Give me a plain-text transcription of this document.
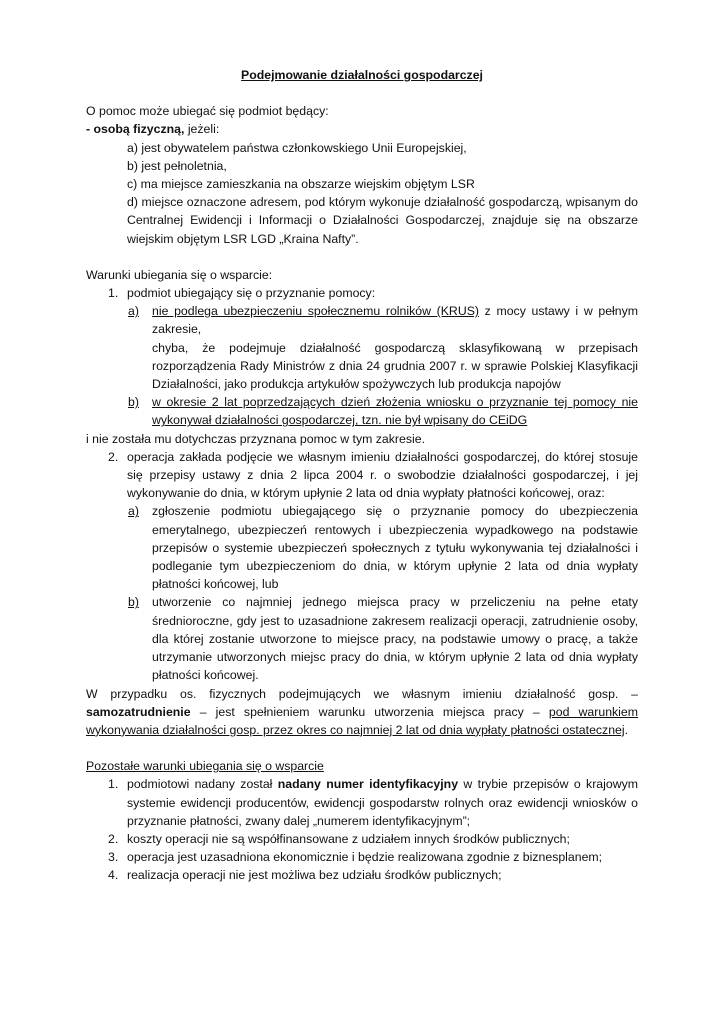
Podejmowanie działalności gospodarczej

O pomoc może ubiegać się podmiot będący:

- osobą fizyczną, jeżeli:

a) jest obywatelem państwa członkowskiego Unii Europejskiej,

b) jest pełnoletnia,

c) ma miejsce zamieszkania na obszarze wiejskim objętym LSR

d) miejsce oznaczone adresem, pod którym wykonuje działalność gospodarczą, wpisanym do Centralnej Ewidencji i Informacji o Działalności Gospodarczej, znajduje się na obszarze wiejskim objętym LSR LGD „Kraina Nafty”.

Warunki ubiegania się o wsparcie:

1. podmiot ubiegający się o przyznanie pomocy:
a) nie podlega ubezpieczeniu społecznemu rolników (KRUS) z mocy ustawy i w pełnym zakresie,
chyba, że podejmuje działalność gospodarczą sklasyfikowaną w przepisach rozporządzenia Rady Ministrów z dnia 24 grudnia 2007 r. w sprawie Polskiej Klasyfikacji Działalności, jako produkcja artykułów spożywczych lub produkcja napojów
b) w okresie 2 lat poprzedzających dzień złożenia wniosku o przyznanie tej pomocy nie wykonywał działalności gospodarczej, tzn. nie był wpisany do CEiDG

i nie została mu dotychczas przyznana pomoc w tym zakresie.

2. operacja zakłada podjęcie we własnym imieniu działalności gospodarczej, do której stosuje się przepisy ustawy z dnia 2 lipca 2004 r. o swobodzie działalności gospodarczej, i jej wykonywanie do dnia, w którym upłynie 2 lata od dnia wypłaty płatności końcowej, oraz:
a) zgłoszenie podmiotu ubiegającego się o przyznanie pomocy do ubezpieczenia emerytalnego, ubezpieczeń rentowych i ubezpieczenia wypadkowego na podstawie przepisów o systemie ubezpieczeń społecznych z tytułu wykonywania tej działalności i podleganie tym ubezpieczeniom do dnia, w którym upłynie 2 lata od dnia wypłaty płatności końcowej, lub
b) utworzenie co najmniej jednego miejsca pracy w przeliczeniu na pełne etaty średnioroczne, gdy jest to uzasadnione zakresem realizacji operacji, zatrudnienie osoby, dla której zostanie utworzone to miejsce pracy, na podstawie umowy o pracę, a także utrzymanie utworzonych miejsc pracy do dnia, w którym upłynie 2 lata od dnia wypłaty płatności końcowej.

W przypadku os. fizycznych podejmujących we własnym imieniu działalność gosp. – samozatrudnienie – jest spełnieniem warunku utworzenia miejsca pracy – pod warunkiem wykonywania działalności gosp. przez okres co najmniej 2 lat od dnia wypłaty płatności ostatecznej.

Pozostałe warunki ubiegania się o wsparcie

1. podmiotowi nadany został nadany numer identyfikacyjny w trybie przepisów o krajowym systemie ewidencji producentów, ewidencji gospodarstw rolnych oraz ewidencji wniosków o przyznanie płatności, zwany dalej „numerem identyfikacyjnym”;
2. koszty operacji nie są współfinansowane z udziałem innych środków publicznych;
3. operacja jest uzasadniona ekonomicznie i będzie realizowana zgodnie z biznesplanem;
4. realizacja operacji nie jest możliwa bez udziału środków publicznych;
